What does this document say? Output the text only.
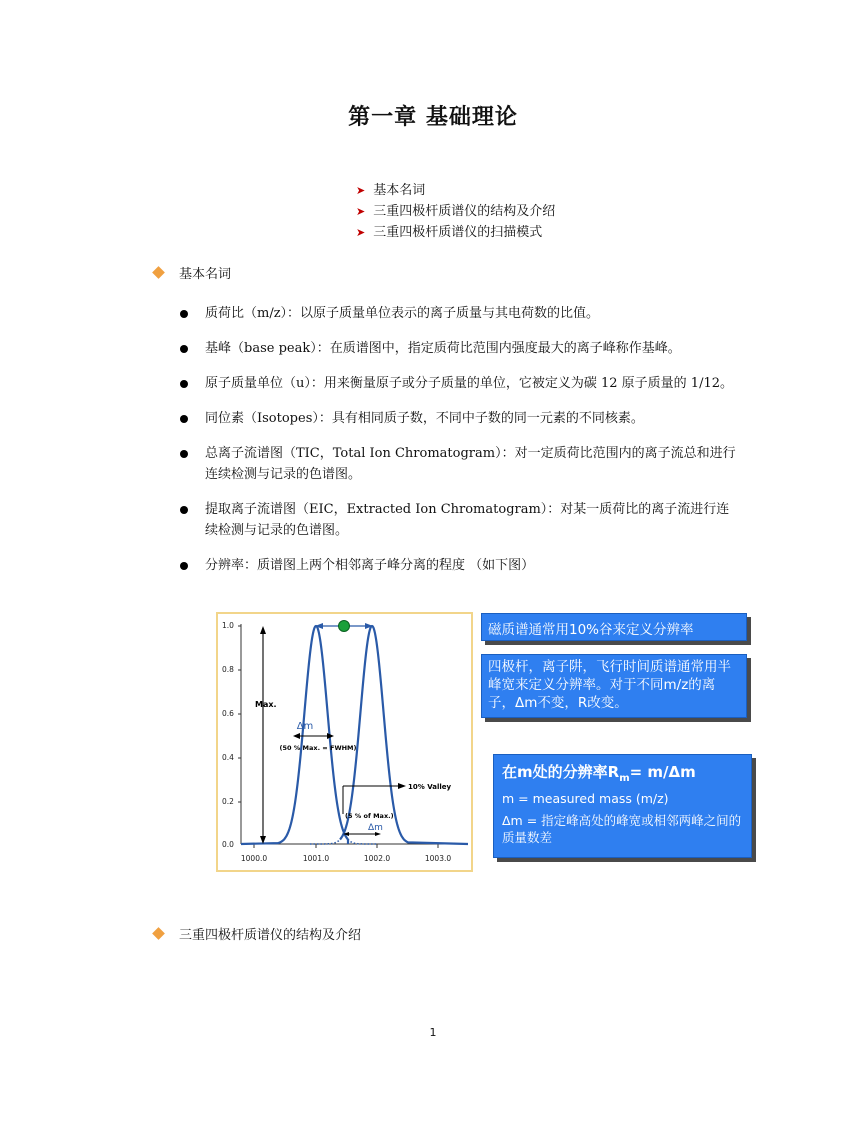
第一章 基础理论
➤ 基本名词
➤ 三重四极杆质谱仪的结构及介绍
➤ 三重四极杆质谱仪的扫描模式
基本名词
质荷比（m/z）：以原子质量单位表示的离子质量与其电荷数的比值。
基峰（base peak）：在质谱图中，指定质荷比范围内强度最大的离子峰称作基峰。
原子质量单位（u）：用来衡量原子或分子质量的单位，它被定义为碳 12 原子质量的 1/12。
同位素（Isotopes）：具有相同质子数，不同中子数的同一元素的不同核素。
总离子流谱图（TIC，Total Ion Chromatogram）：对一定质荷比范围内的离子流总和进行连续检测与记录的色谱图。
提取离子流谱图（EIC，Extracted Ion Chromatogram）：对某一质荷比的离子流进行连续检测与记录的色谱图。
分辨率：质谱图上两个相邻离子峰分离的程度 （如下图）
1.0
0.8
0.6
0.4
0.2
0.0
1000.0	1001.0	1002.0	1003.0
Max.
Δm
(50 % Max. = FWHM)
10% Valley
(5 % of Max.)
Δm
磁质谱通常用10%谷来定义分辨率
四极杆，离子阱，飞行时间质谱通常用半峰宽来定义分辨率。对于不同m/z的离子，Δm不变，R改变。
在m处的分辨率$R_m= m/\Delta m$
m = measured mass (m/z)
Δm = 指定峰高处的峰宽或相邻两峰之间的质量数差
三重四极杆质谱仪的结构及介绍
1
